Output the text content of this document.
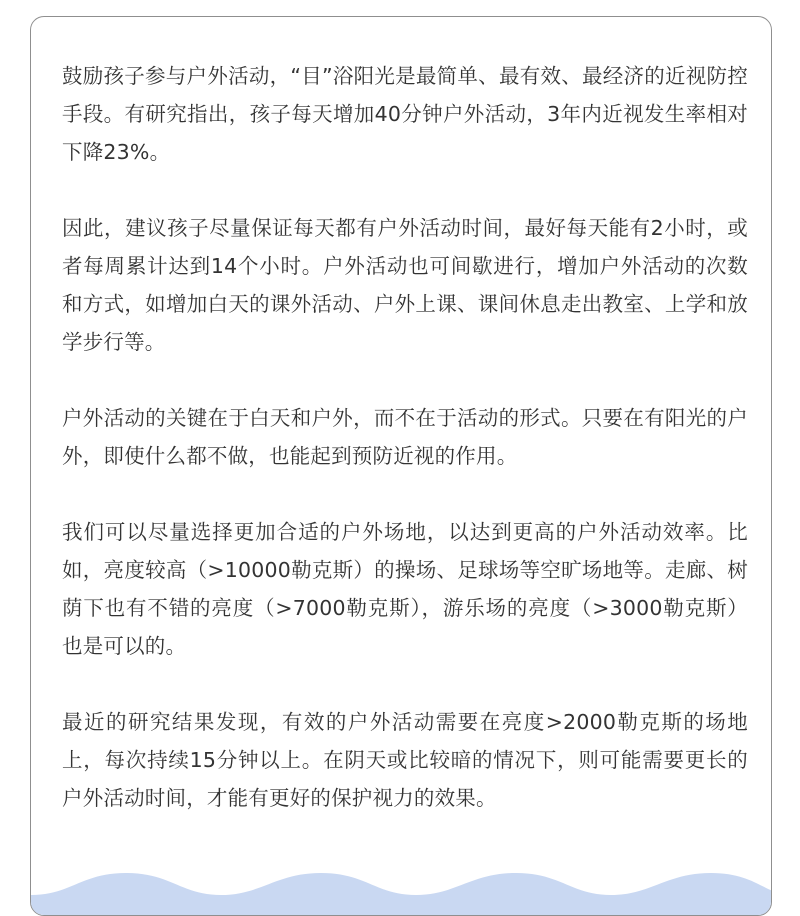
鼓励孩子参与户外活动，“目”浴阳光是最简单、最有效、最经济的近视防控手段。有研究指出，孩子每天增加40分钟户外活动，3年内近视发生率相对下降23%。

因此，建议孩子尽量保证每天都有户外活动时间，最好每天能有2小时，或者每周累计达到14个小时。户外活动也可间歇进行，增加户外活动的次数和方式，如增加白天的课外活动、户外上课、课间休息走出教室、上学和放学步行等。

户外活动的关键在于白天和户外，而不在于活动的形式。只要在有阳光的户外，即使什么都不做，也能起到预防近视的作用。

我们可以尽量选择更加合适的户外场地，以达到更高的户外活动效率。比如，亮度较高（>10000勒克斯）的操场、足球场等空旷场地等。走廊、树荫下也有不错的亮度（>7000勒克斯），游乐场的亮度（>3000勒克斯）也是可以的。

最近的研究结果发现，有效的户外活动需要在亮度>2000勒克斯的场地上，每次持续15分钟以上。在阴天或比较暗的情况下，则可能需要更长的户外活动时间，才能有更好的保护视力的效果。
